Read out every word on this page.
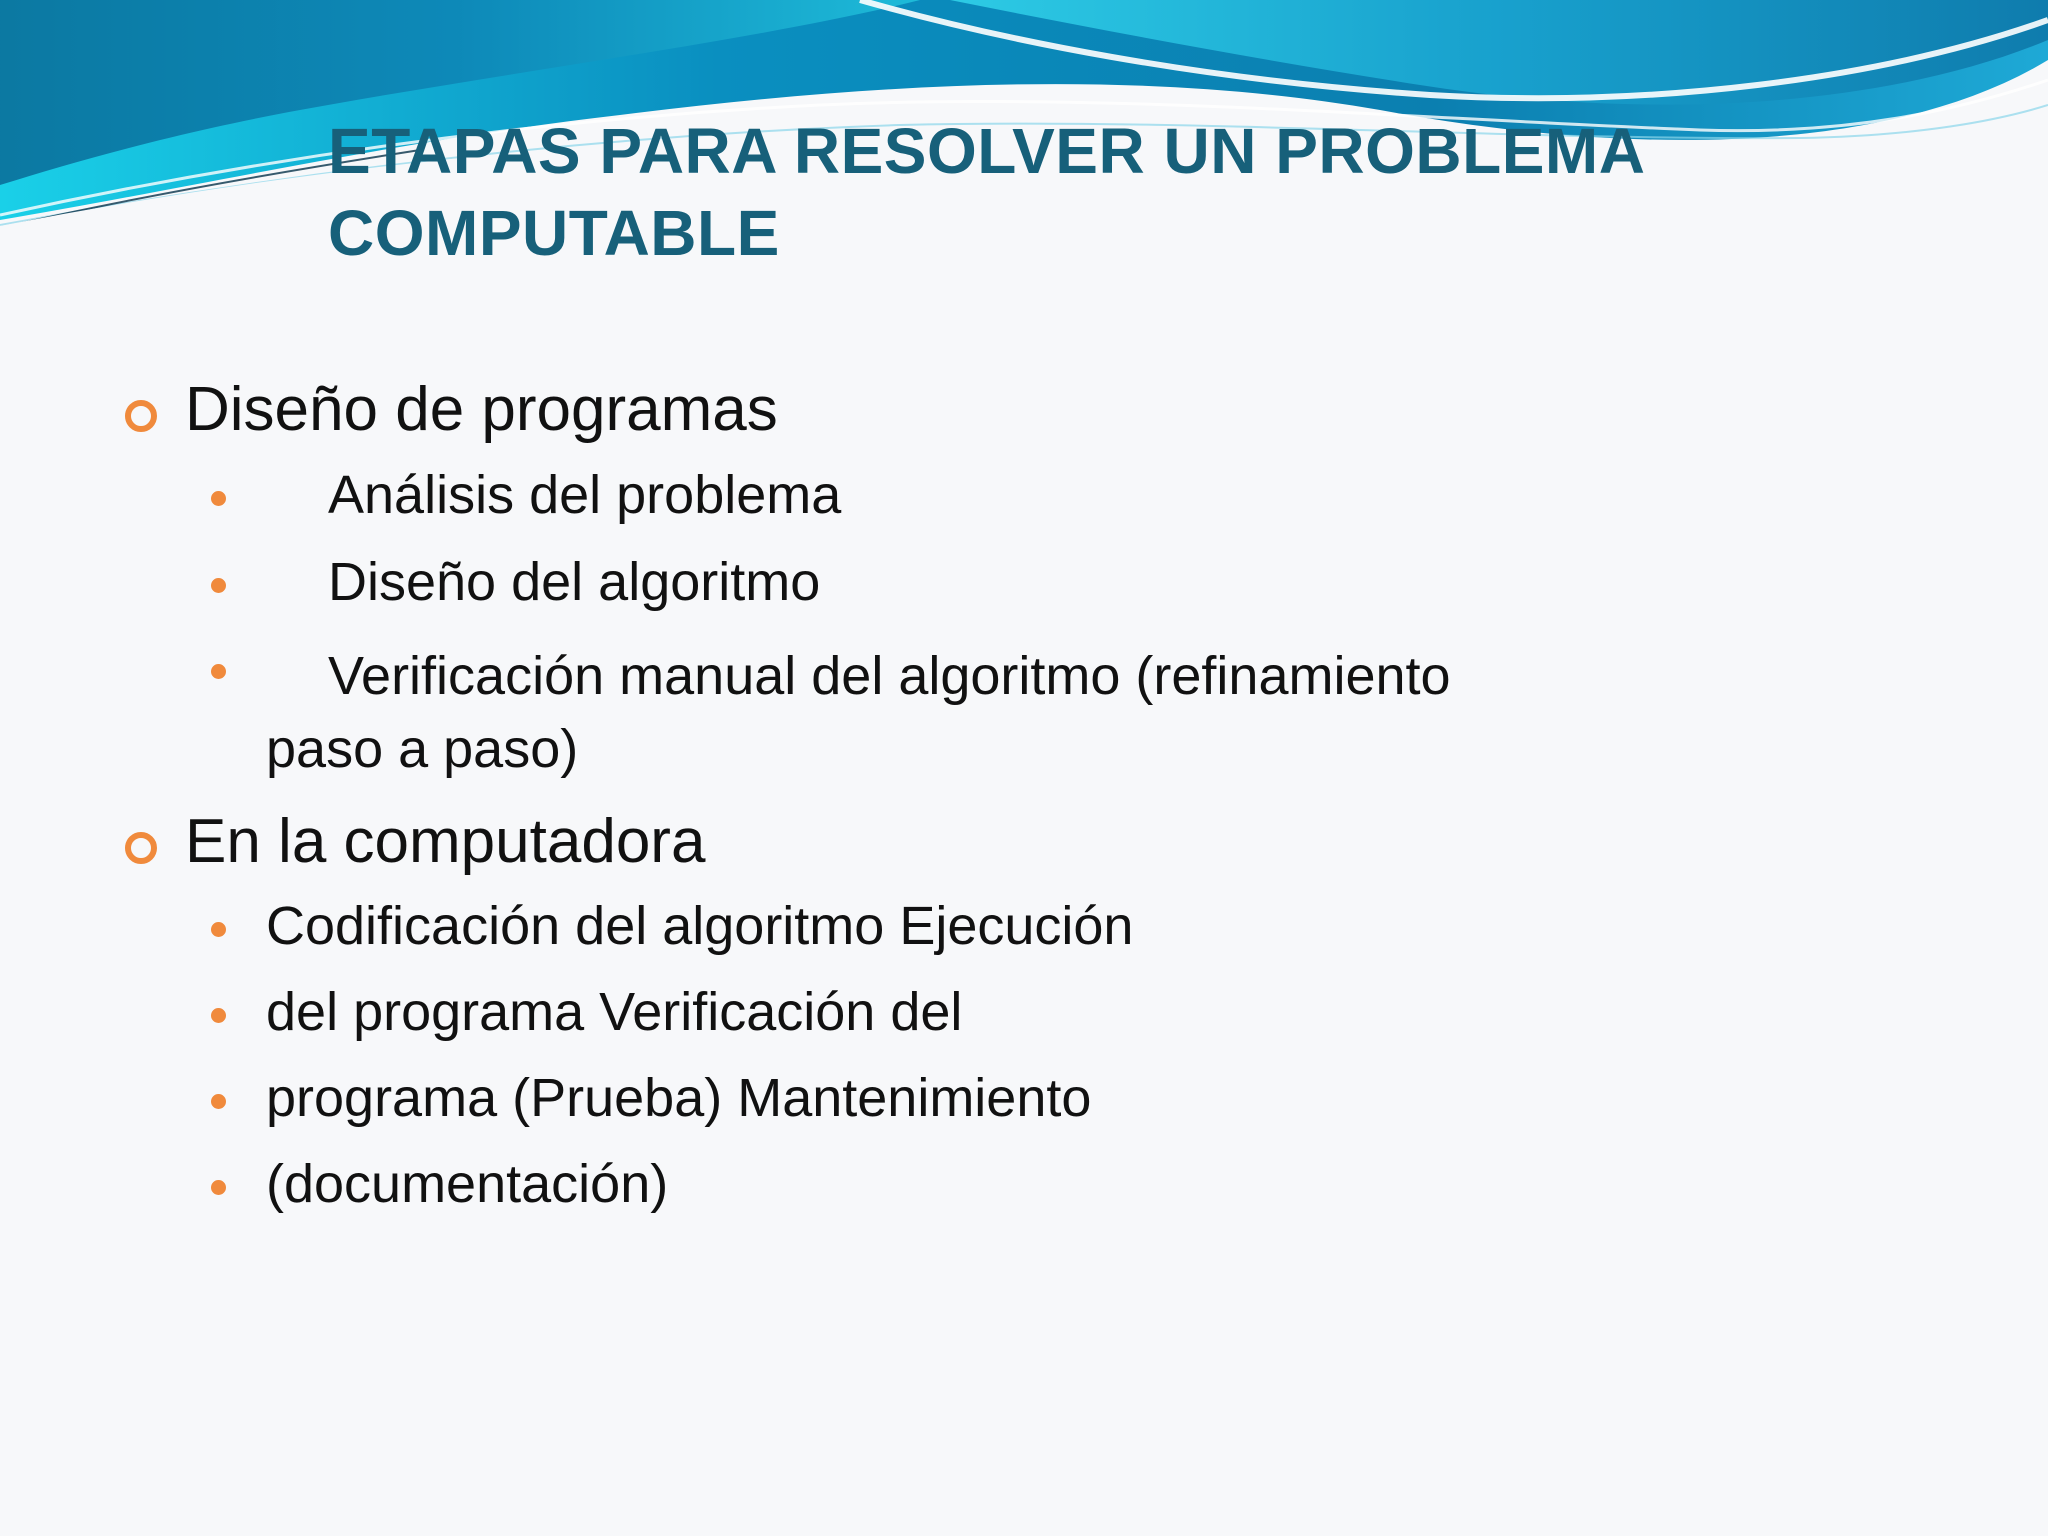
ETAPAS PARA RESOLVER UN PROBLEMA
COMPUTABLE
Diseño de programas
Análisis del problema
Diseño del algoritmo
Verificación manual del algoritmo (refinamiento
paso a paso)
En la computadora
Codificación del algoritmo Ejecución
del programa Verificación del
programa (Prueba) Mantenimiento
(documentación)
